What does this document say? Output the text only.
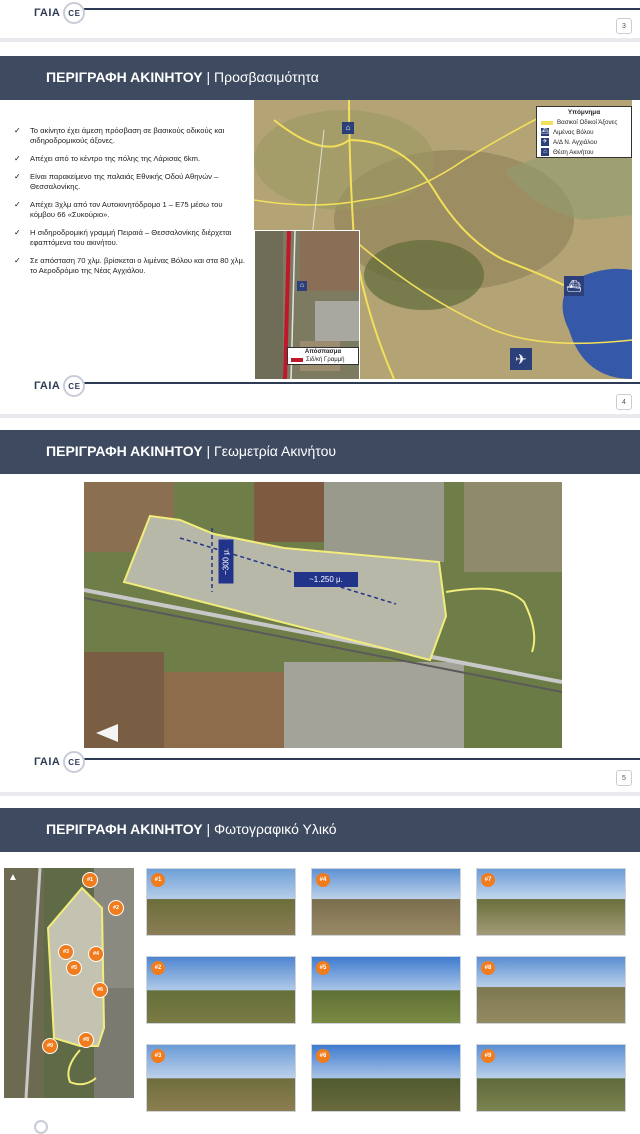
ΓΑΙΑ CE
3
ΠΕΡΙΓΡΑΦΗ ΑΚΙΝΗΤΟΥ | Προσβασιμότητα
✓ Το ακίνητο έχει άμεση πρόσβαση σε βασικούς οδικούς και σιδηροδρομικούς άξονες.
✓ Απέχει από το κέντρο της πόλης της Λάρισας 6km.
✓ Είναι παρακείμενο της παλαιάς Εθνικής Οδού Αθηνών – Θεσσαλονίκης.
✓ Απέχει 3χλμ από τον Αυτοκινητόδρομο 1 – Ε75 μέσω του κόμβου 66 «Συκούριο».
✓ Η σιδηροδρομική γραμμή Πειραιά – Θεσσαλονίκης διέρχεται εφαπτόμενα του ακινήτου.
✓ Σε απόσταση 70 χλμ. βρίσκεται ο λιμένας Βόλου και στα 80 χλμ. το Αεροδρόμιο της Νέας Αγχιάλου.
⌂
⛴
✈
Υπόμνημα
Βασικοί Οδικοί Άξονες
⛴ Λιμένας Βόλου
✈ Α/Δ Ν. Αγχιάλου
⌂ Θέση Ακινήτου
⌂
Απόσπασμα
Σιδ/κή Γραμμή
ΓΑΙΑ CE
4
ΠΕΡΙΓΡΑΦΗ ΑΚΙΝΗΤΟΥ | Γεωμετρία Ακινήτου
~300 μ.
~1.250 μ.
ΓΑΙΑ CE
5
ΠΕΡΙΓΡΑΦΗ ΑΚΙΝΗΤΟΥ | Φωτογραφικό Υλικό
#1
#2
#3	#4
#5
#6
#8
#9
▲	#1	#4	#7
#2	#5	#8
#3	#6	#9
